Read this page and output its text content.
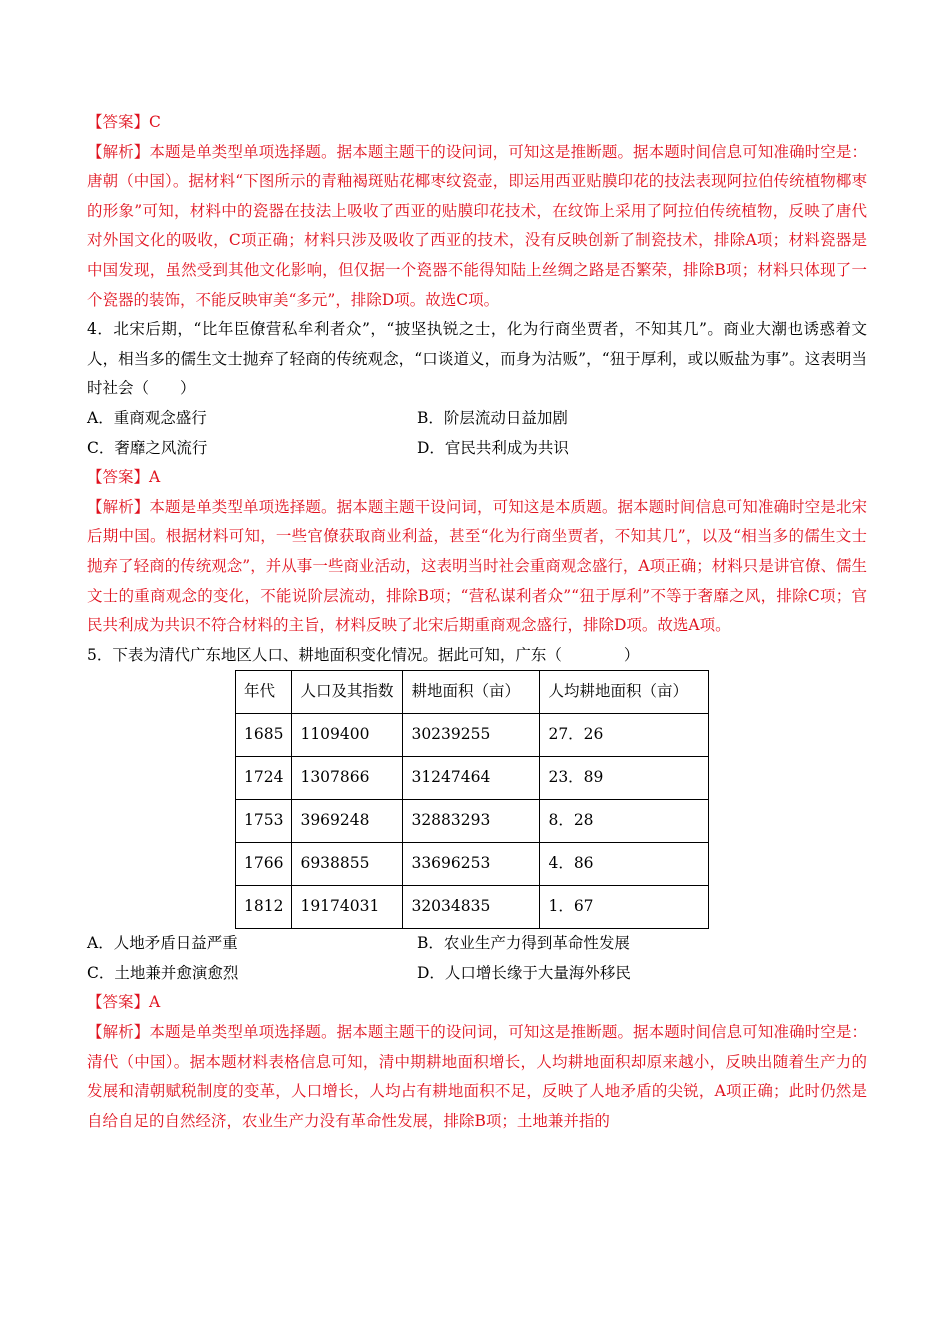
【答案】C

【解析】本题是单类型单项选择题。据本题主题干的设问词，可知这是推断题。据本题时间信息可知准确时空是：唐朝（中国）。据材料“下图所示的青釉褐斑贴花椰枣纹瓷壶，即运用西亚贴膜印花的技法表现阿拉伯传统植物椰枣的形象”可知，材料中的瓷器在技法上吸收了西亚的贴膜印花技术，在纹饰上采用了阿拉伯传统植物，反映了唐代对外国文化的吸收，C项正确；材料只涉及吸收了西亚的技术，没有反映创新了制瓷技术，排除A项；材料瓷器是中国发现，虽然受到其他文化影响，但仅据一个瓷器不能得知陆上丝绸之路是否繁荣，排除B项；材料只体现了一个瓷器的装饰，不能反映审美“多元”，排除D项。故选C项。

4．北宋后期，“比年臣僚营私牟利者众”，“披坚执锐之士，化为行商坐贾者，不知其几”。商业大潮也诱惑着文人，相当多的儒生文士抛弃了轻商的传统观念，“口谈道义，而身为沽贩”，“狃于厚利，或以贩盐为事”。这表明当时社会（　　）

A．重商观念盛行	B．阶层流动日益加剧
C．奢靡之风流行	D．官民共利成为共识

【答案】A

【解析】本题是单类型单项选择题。据本题主题干设问词，可知这是本质题。据本题时间信息可知准确时空是北宋后期中国。根据材料可知，一些官僚获取商业利益，甚至“化为行商坐贾者，不知其几”，以及“相当多的儒生文士抛弃了轻商的传统观念”，并从事一些商业活动，这表明当时社会重商观念盛行，A项正确；材料只是讲官僚、儒生文士的重商观念的变化，不能说阶层流动，排除B项；“营私谋利者众”“狃于厚利”不等于奢靡之风，排除C项；官民共利成为共识不符合材料的主旨，材料反映了北宋后期重商观念盛行，排除D项。故选A项。

5．下表为清代广东地区人口、耕地面积变化情况。据此可知，广东（　　　　）

年代	人口及其指数	耕地面积（亩）	人均耕地面积（亩）
1685	1109400	30239255	27．26
1724	1307866	31247464	23．89
1753	3969248	32883293	8．28
1766	6938855	33696253	4．86
1812	19174031	32034835	1．67
A．人地矛盾日益严重	B．农业生产力得到革命性发展
C．土地兼并愈演愈烈	D．人口增长缘于大量海外移民

【答案】A

【解析】本题是单类型单项选择题。据本题主题干的设问词，可知这是推断题。据本题时间信息可知准确时空是：清代（中国）。据本题材料表格信息可知，清中期耕地面积增长，人均耕地面积却原来越小，反映出随着生产力的发展和清朝赋税制度的变革，人口增长，人均占有耕地面积不足，反映了人地矛盾的尖锐，A项正确；此时仍然是自给自足的自然经济，农业生产力没有革命性发展，排除B项；土地兼并指的
